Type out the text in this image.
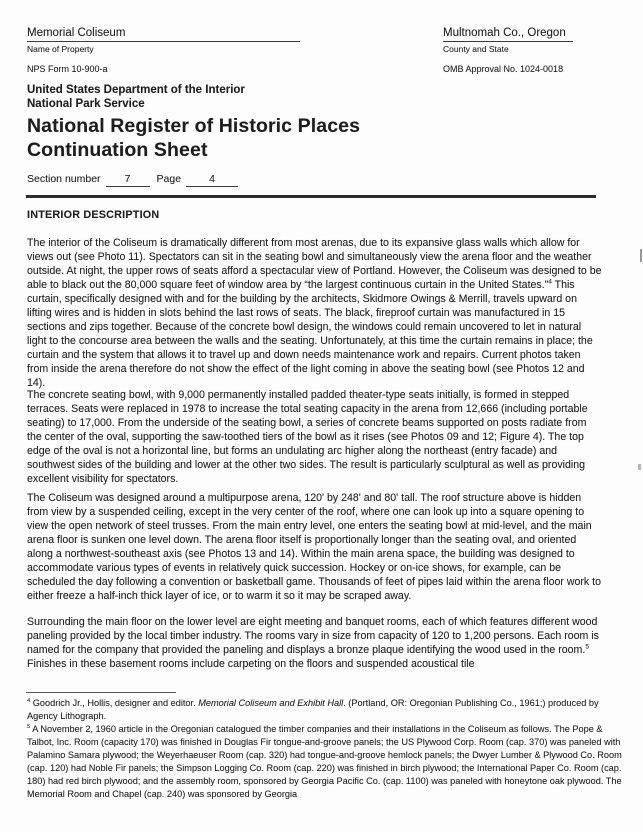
Memorial Coliseum
Name of Property
Multnomah Co., Oregon
County and State
NPS Form 10-900-a	OMB Approval No. 1024-0018
United States Department of the Interior
National Park Service
National Register of Historic Places
Continuation Sheet
Section number 7 Page	4
INTERIOR DESCRIPTION

The interior of the Coliseum is dramatically different from most arenas, due to its expansive glass walls which allow for views out (see Photo 11). Spectators can sit in the seating bowl and simultaneously view the arena floor and the weather outside. At night, the upper rows of seats afford a spectacular view of Portland. However, the Coliseum was designed to be able to black out the 80,000 square feet of window area by “the largest continuous curtain in the United States.”$^4$ This curtain, specifically designed with and for the building by the architects, Skidmore Owings & Merrill, travels upward on lifting wires and is hidden in slots behind the last rows of seats. The black, fireproof curtain was manufactured in 15 sections and zips together. Because of the concrete bowl design, the windows could remain uncovered to let in natural light to the concourse area between the walls and the seating. Unfortunately, at this time the curtain remains in place; the curtain and the system that allows it to travel up and down needs maintenance work and repairs. Current photos taken from inside the arena therefore do not show the effect of the light coming in above the seating bowl (see Photos 12 and 14).

The concrete seating bowl, with 9,000 permanently installed padded theater-type seats initially, is formed in stepped terraces. Seats were replaced in 1978 to increase the total seating capacity in the arena from 12,666 (including portable seating) to 17,000. From the underside of the seating bowl, a series of concrete beams supported on posts radiate from the center of the oval, supporting the saw-toothed tiers of the bowl as it rises (see Photos 09 and 12; Figure 4). The top edge of the oval is not a horizontal line, but forms an undulating arc higher along the northeast (entry facade) and southwest sides of the building and lower at the other two sides. The result is particularly sculptural as well as providing excellent visibility for spectators.

The Coliseum was designed around a multipurpose arena, 120' by 248' and 80' tall. The roof structure above is hidden from view by a suspended ceiling, except in the very center of the roof, where one can look up into a square opening to view the open network of steel trusses. From the main entry level, one enters the seating bowl at mid-level, and the main arena floor is sunken one level down. The arena floor itself is proportionally longer than the seating oval, and oriented along a northwest-southeast axis (see Photos 13 and 14). Within the main arena space, the building was designed to accommodate various types of events in relatively quick succession. Hockey or on-ice shows, for example, can be scheduled the day following a convention or basketball game. Thousands of feet of pipes laid within the arena floor work to either freeze a half-inch thick layer of ice, or to warm it so it may be scraped away.

Surrounding the main floor on the lower level are eight meeting and banquet rooms, each of which features different wood paneling provided by the local timber industry. The rooms vary in size from capacity of 120 to 1,200 persons. Each room is named for the company that provided the paneling and displays a bronze plaque identifying the wood used in the room.$^5$ Finishes in these basement rooms include carpeting on the floors and suspended acoustical tile

$^4$ Goodrich Jr., Hollis, designer and editor. Memorial Coliseum and Exhibit Hall. (Portland, OR: Oregonian Publishing Co., 1961;) produced by Agency Lithograph.
$^5$ A November 2, 1960 article in the Oregonian catalogued the timber companies and their installations in the Coliseum as follows. The Pope & Talbot, Inc. Room (capacity 170) was finished in Douglas Fir tongue-and-groove panels; the US Plywood Corp. Room (cap. 370) was paneled with Palamino Samara plywood; the Weyerhaeuser Room (cap. 320) had tongue-and-groove hemlock panels; the Dwyer Lumber & Plywood Co. Room (cap. 120) had Noble Fir panels; the Simpson Logging Co. Room (cap. 220) was finished in birch plywood; the International Paper Co. Room (cap. 180) had red birch plywood; and the assembly room, sponsored by Georgia Pacific Co. (cap. 1100) was paneled with honeytone oak plywood. The Memorial Room and Chapel (cap. 240) was sponsored by Georgia
